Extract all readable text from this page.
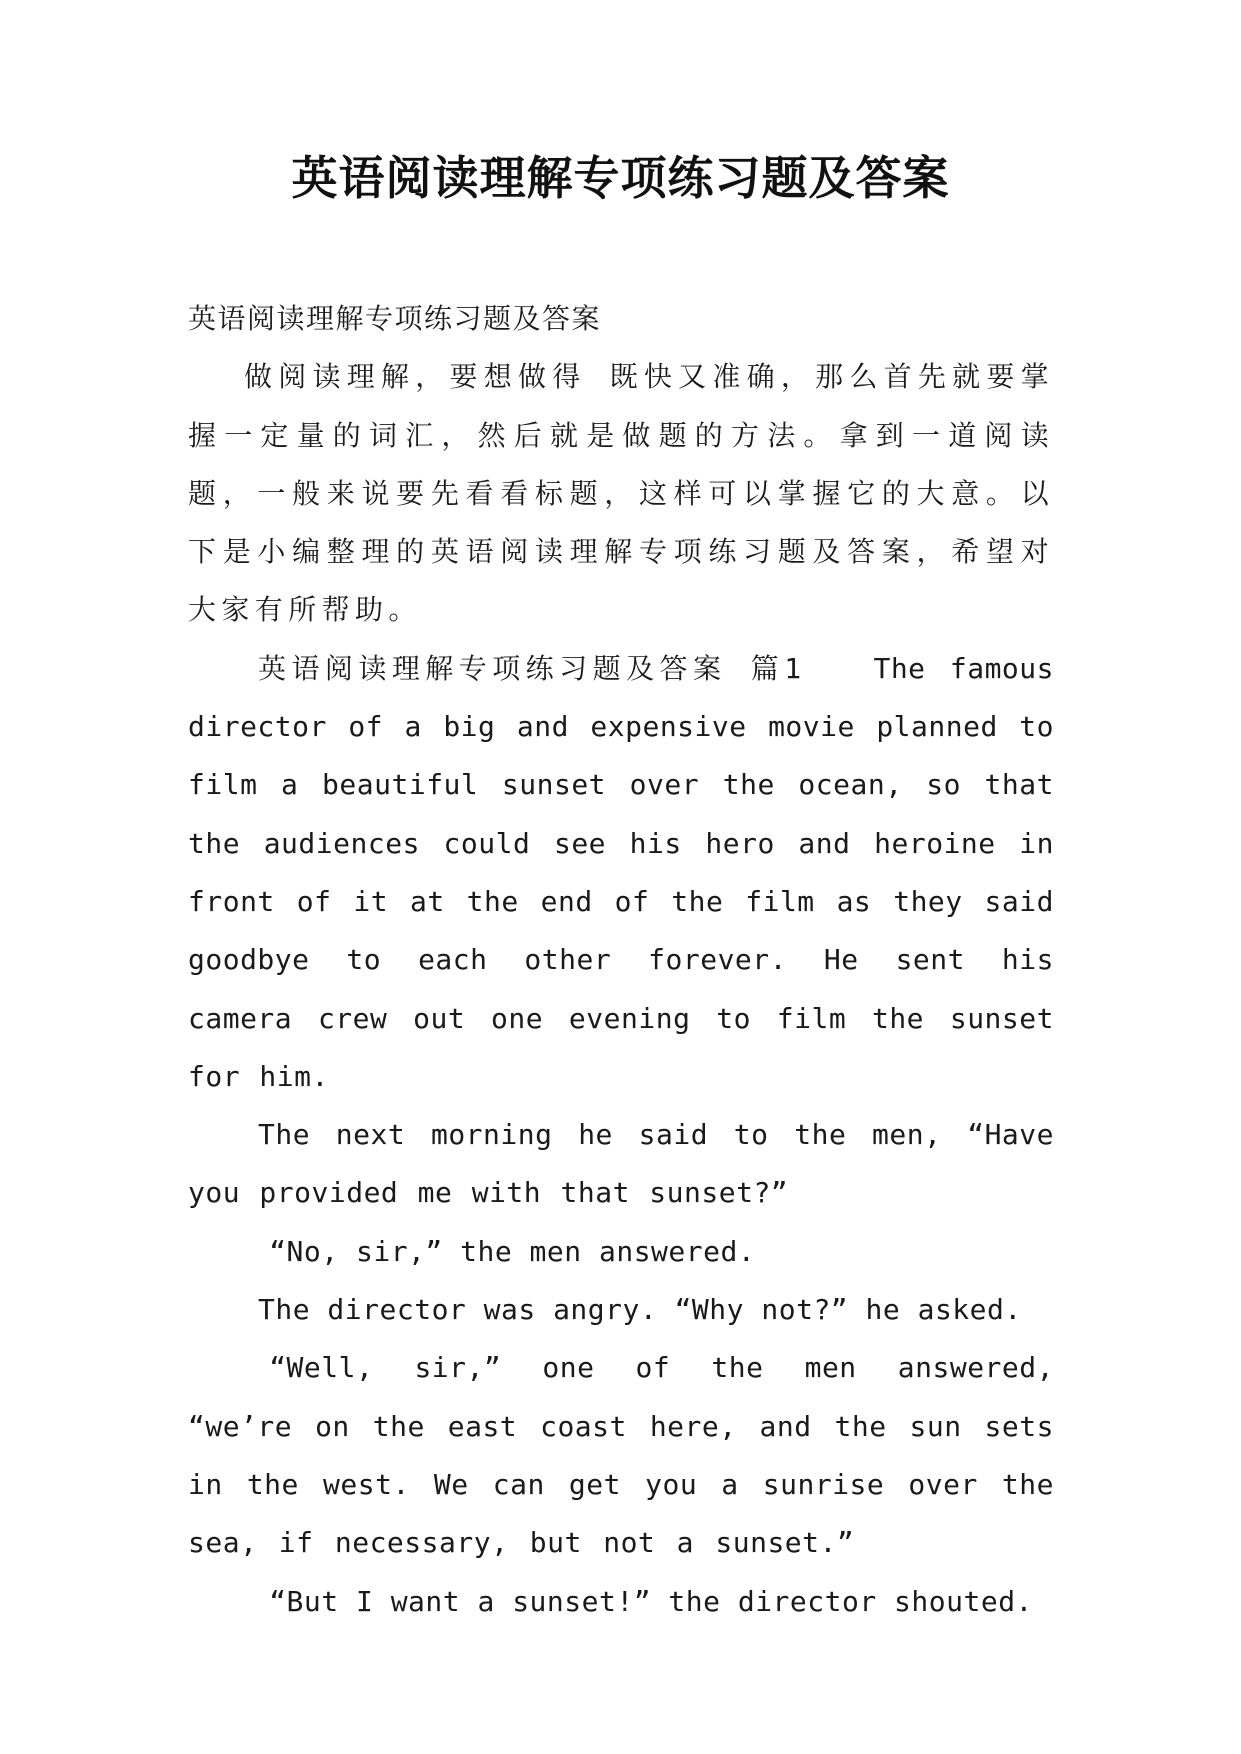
英语阅读理解专项练习题及答案

英语阅读理解专项练习题及答案

做阅读理解，要想做得 既快又准确，那么首先就要掌握一定量的词汇，然后就是做题的方法。拿到一道阅读题，一般来说要先看看标题，这样可以掌握它的大意。以下是小编整理的英语阅读理解专项练习题及答案，希望对大家有所帮助。

英语阅读理解专项练习题及答案 篇1　　The famous director of a big and expensive movie planned to film a beautiful sunset over the ocean, so that the audiences could see his hero and heroine in front of it at the end of the film as they said goodbye to each other forever. He sent his camera crew out one evening to film the sunset for him.

The next morning he said to the men, “Have you provided me with that sunset?”

“No, sir,” the men answered.

The director was angry. “Why not?” he asked.

“Well, sir,” one of the men answered, “we’re on the east coast here, and the sun sets in the west. We can get you a sunrise over the sea, if necessary, but not a sunset.”

“But I want a sunset!” the director shouted.
